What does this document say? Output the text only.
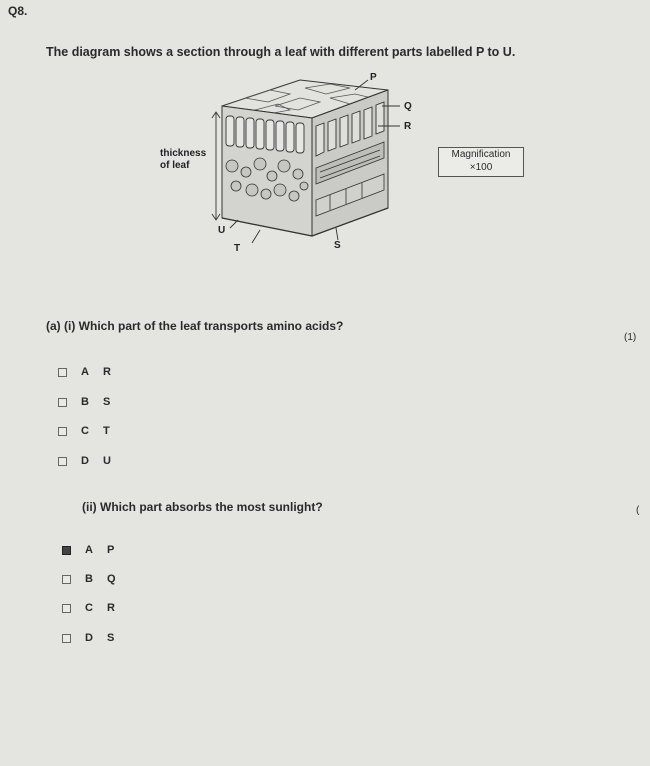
Q8.
The diagram shows a section through a leaf with different parts labelled P to U.
P
Q
R
S
T
U
thickness
of leaf
Magnification
×100
(a) (i) Which part of the leaf transports amino acids?
(1)
A	R
B	S
C	T
D	U
(ii) Which part absorbs the most sunlight?	(
A	P
B	Q
C	R
D	S
